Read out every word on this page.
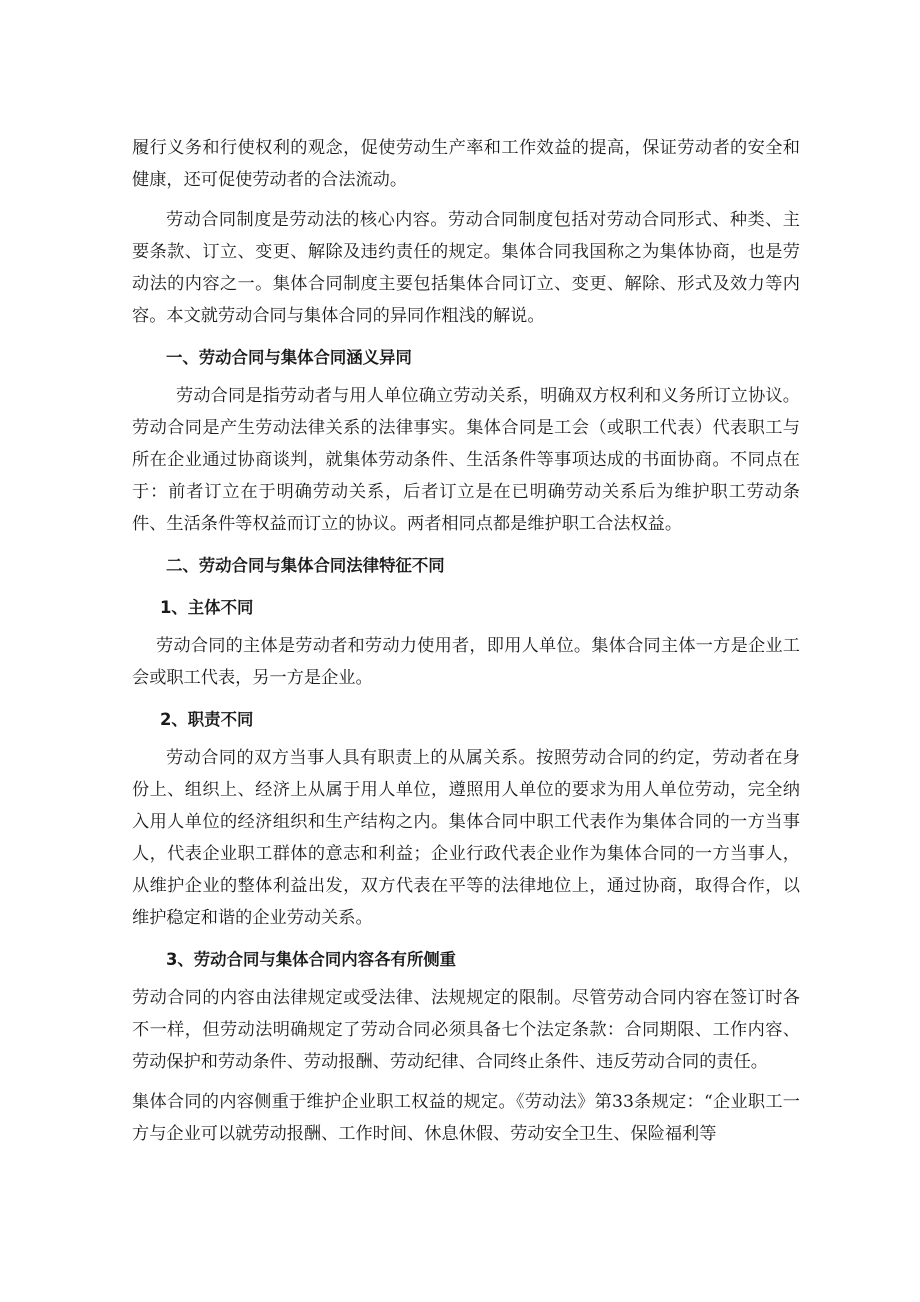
履行义务和行使权利的观念，促使劳动生产率和工作效益的提高，保证劳动者的安全和健康，还可促使劳动者的合法流动。

劳动合同制度是劳动法的核心内容。劳动合同制度包括对劳动合同形式、种类、主要条款、订立、变更、解除及违约责任的规定。集体合同我国称之为集体协商，也是劳动法的内容之一。集体合同制度主要包括集体合同订立、变更、解除、形式及效力等内容。本文就劳动合同与集体合同的异同作粗浅的解说。

一、劳动合同与集体合同涵义异同

劳动合同是指劳动者与用人单位确立劳动关系，明确双方权利和义务所订立协议。劳动合同是产生劳动法律关系的法律事实。集体合同是工会（或职工代表）代表职工与所在企业通过协商谈判，就集体劳动条件、生活条件等事项达成的书面协商。不同点在于：前者订立在于明确劳动关系，后者订立是在已明确劳动关系后为维护职工劳动条件、生活条件等权益而订立的协议。两者相同点都是维护职工合法权益。

二、劳动合同与集体合同法律特征不同

1、主体不同

劳动合同的主体是劳动者和劳动力使用者，即用人单位。集体合同主体一方是企业工会或职工代表，另一方是企业。

2、职责不同

劳动合同的双方当事人具有职责上的从属关系。按照劳动合同的约定，劳动者在身份上、组织上、经济上从属于用人单位，遵照用人单位的要求为用人单位劳动，完全纳入用人单位的经济组织和生产结构之内。集体合同中职工代表作为集体合同的一方当事人，代表企业职工群体的意志和利益；企业行政代表企业作为集体合同的一方当事人，从维护企业的整体利益出发，双方代表在平等的法律地位上，通过协商，取得合作，以维护稳定和谐的企业劳动关系。

3、劳动合同与集体合同内容各有所侧重

劳动合同的内容由法律规定或受法律、法规规定的限制。尽管劳动合同内容在签订时各不一样，但劳动法明确规定了劳动合同必须具备七个法定条款：合同期限、工作内容、劳动保护和劳动条件、劳动报酬、劳动纪律、合同终止条件、违反劳动合同的责任。

集体合同的内容侧重于维护企业职工权益的规定。《劳动法》第33条规定：“企业职工一方与企业可以就劳动报酬、工作时间、休息休假、劳动安全卫生、保险福利等
